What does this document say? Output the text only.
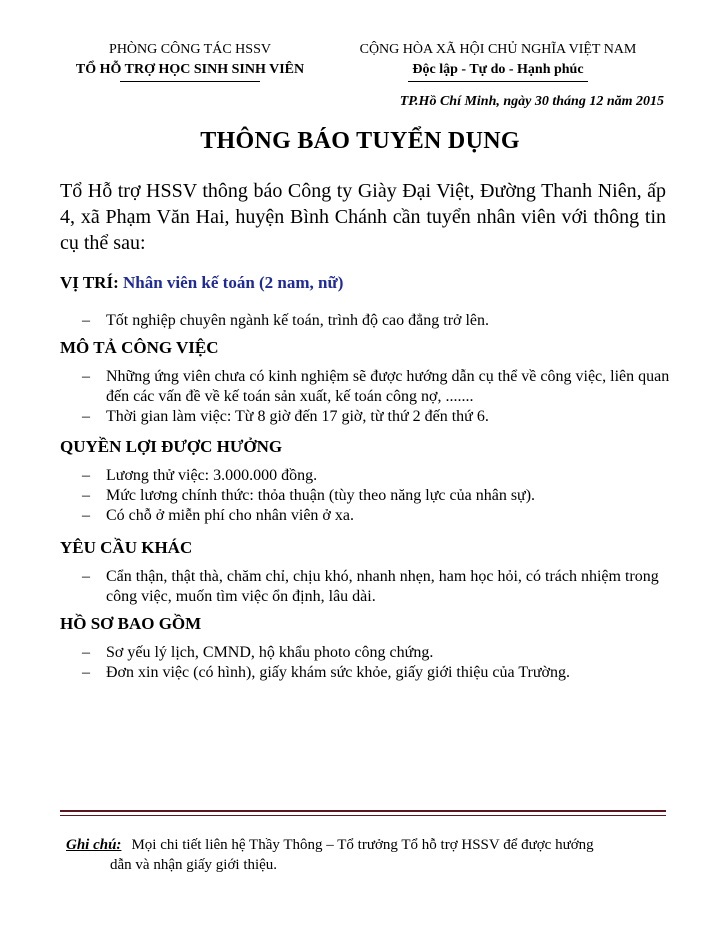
PHÒNG CÔNG TÁC HSSV
TỔ HỖ TRỢ HỌC SINH SINH VIÊN
CỘNG HÒA XÃ HỘI CHỦ NGHĨA VIỆT NAM
Độc lập - Tự do - Hạnh phúc
TP.Hồ Chí Minh, ngày 30 tháng 12 năm 2015
THÔNG BÁO TUYỂN DỤNG
Tổ Hỗ trợ HSSV thông báo Công ty Giày Đại Việt, Đường Thanh Niên, ấp 4, xã Phạm Văn Hai, huyện Bình Chánh cần tuyển nhân viên với thông tin cụ thể sau:

VỊ TRÍ: Nhân viên kế toán (2 nam, nữ)

– Tốt nghiệp chuyên ngành kế toán, trình độ cao đẳng trở lên.

MÔ TẢ CÔNG VIỆC

– Những ứng viên chưa có kinh nghiệm sẽ được hướng dẫn cụ thể về công việc, liên quan đến các vấn đề về kế toán sản xuất, kế toán công nợ, .......
– Thời gian làm việc: Từ 8 giờ đến 17 giờ, từ thứ 2 đến thứ 6.

QUYỀN LỢI ĐƯỢC HƯỞNG

– Lương thử việc: 3.000.000 đồng.
– Mức lương chính thức: thỏa thuận (tùy theo năng lực của nhân sự).
– Có chỗ ở miễn phí cho nhân viên ở xa.

YÊU CẦU KHÁC

– Cẩn thận, thật thà, chăm chỉ, chịu khó, nhanh nhẹn, ham học hỏi, có trách nhiệm trong công việc, muốn tìm việc ổn định, lâu dài.

HỒ SƠ BAO GỒM

– Sơ yếu lý lịch, CMND, hộ khẩu photo công chứng.
– Đơn xin việc (có hình), giấy khám sức khỏe, giấy giới thiệu của Trường.
Ghi chú: Mọi chi tiết liên hệ Thầy Thông – Tổ trưởng Tổ hỗ trợ HSSV để được hướng
dẫn và nhận giấy giới thiệu.
